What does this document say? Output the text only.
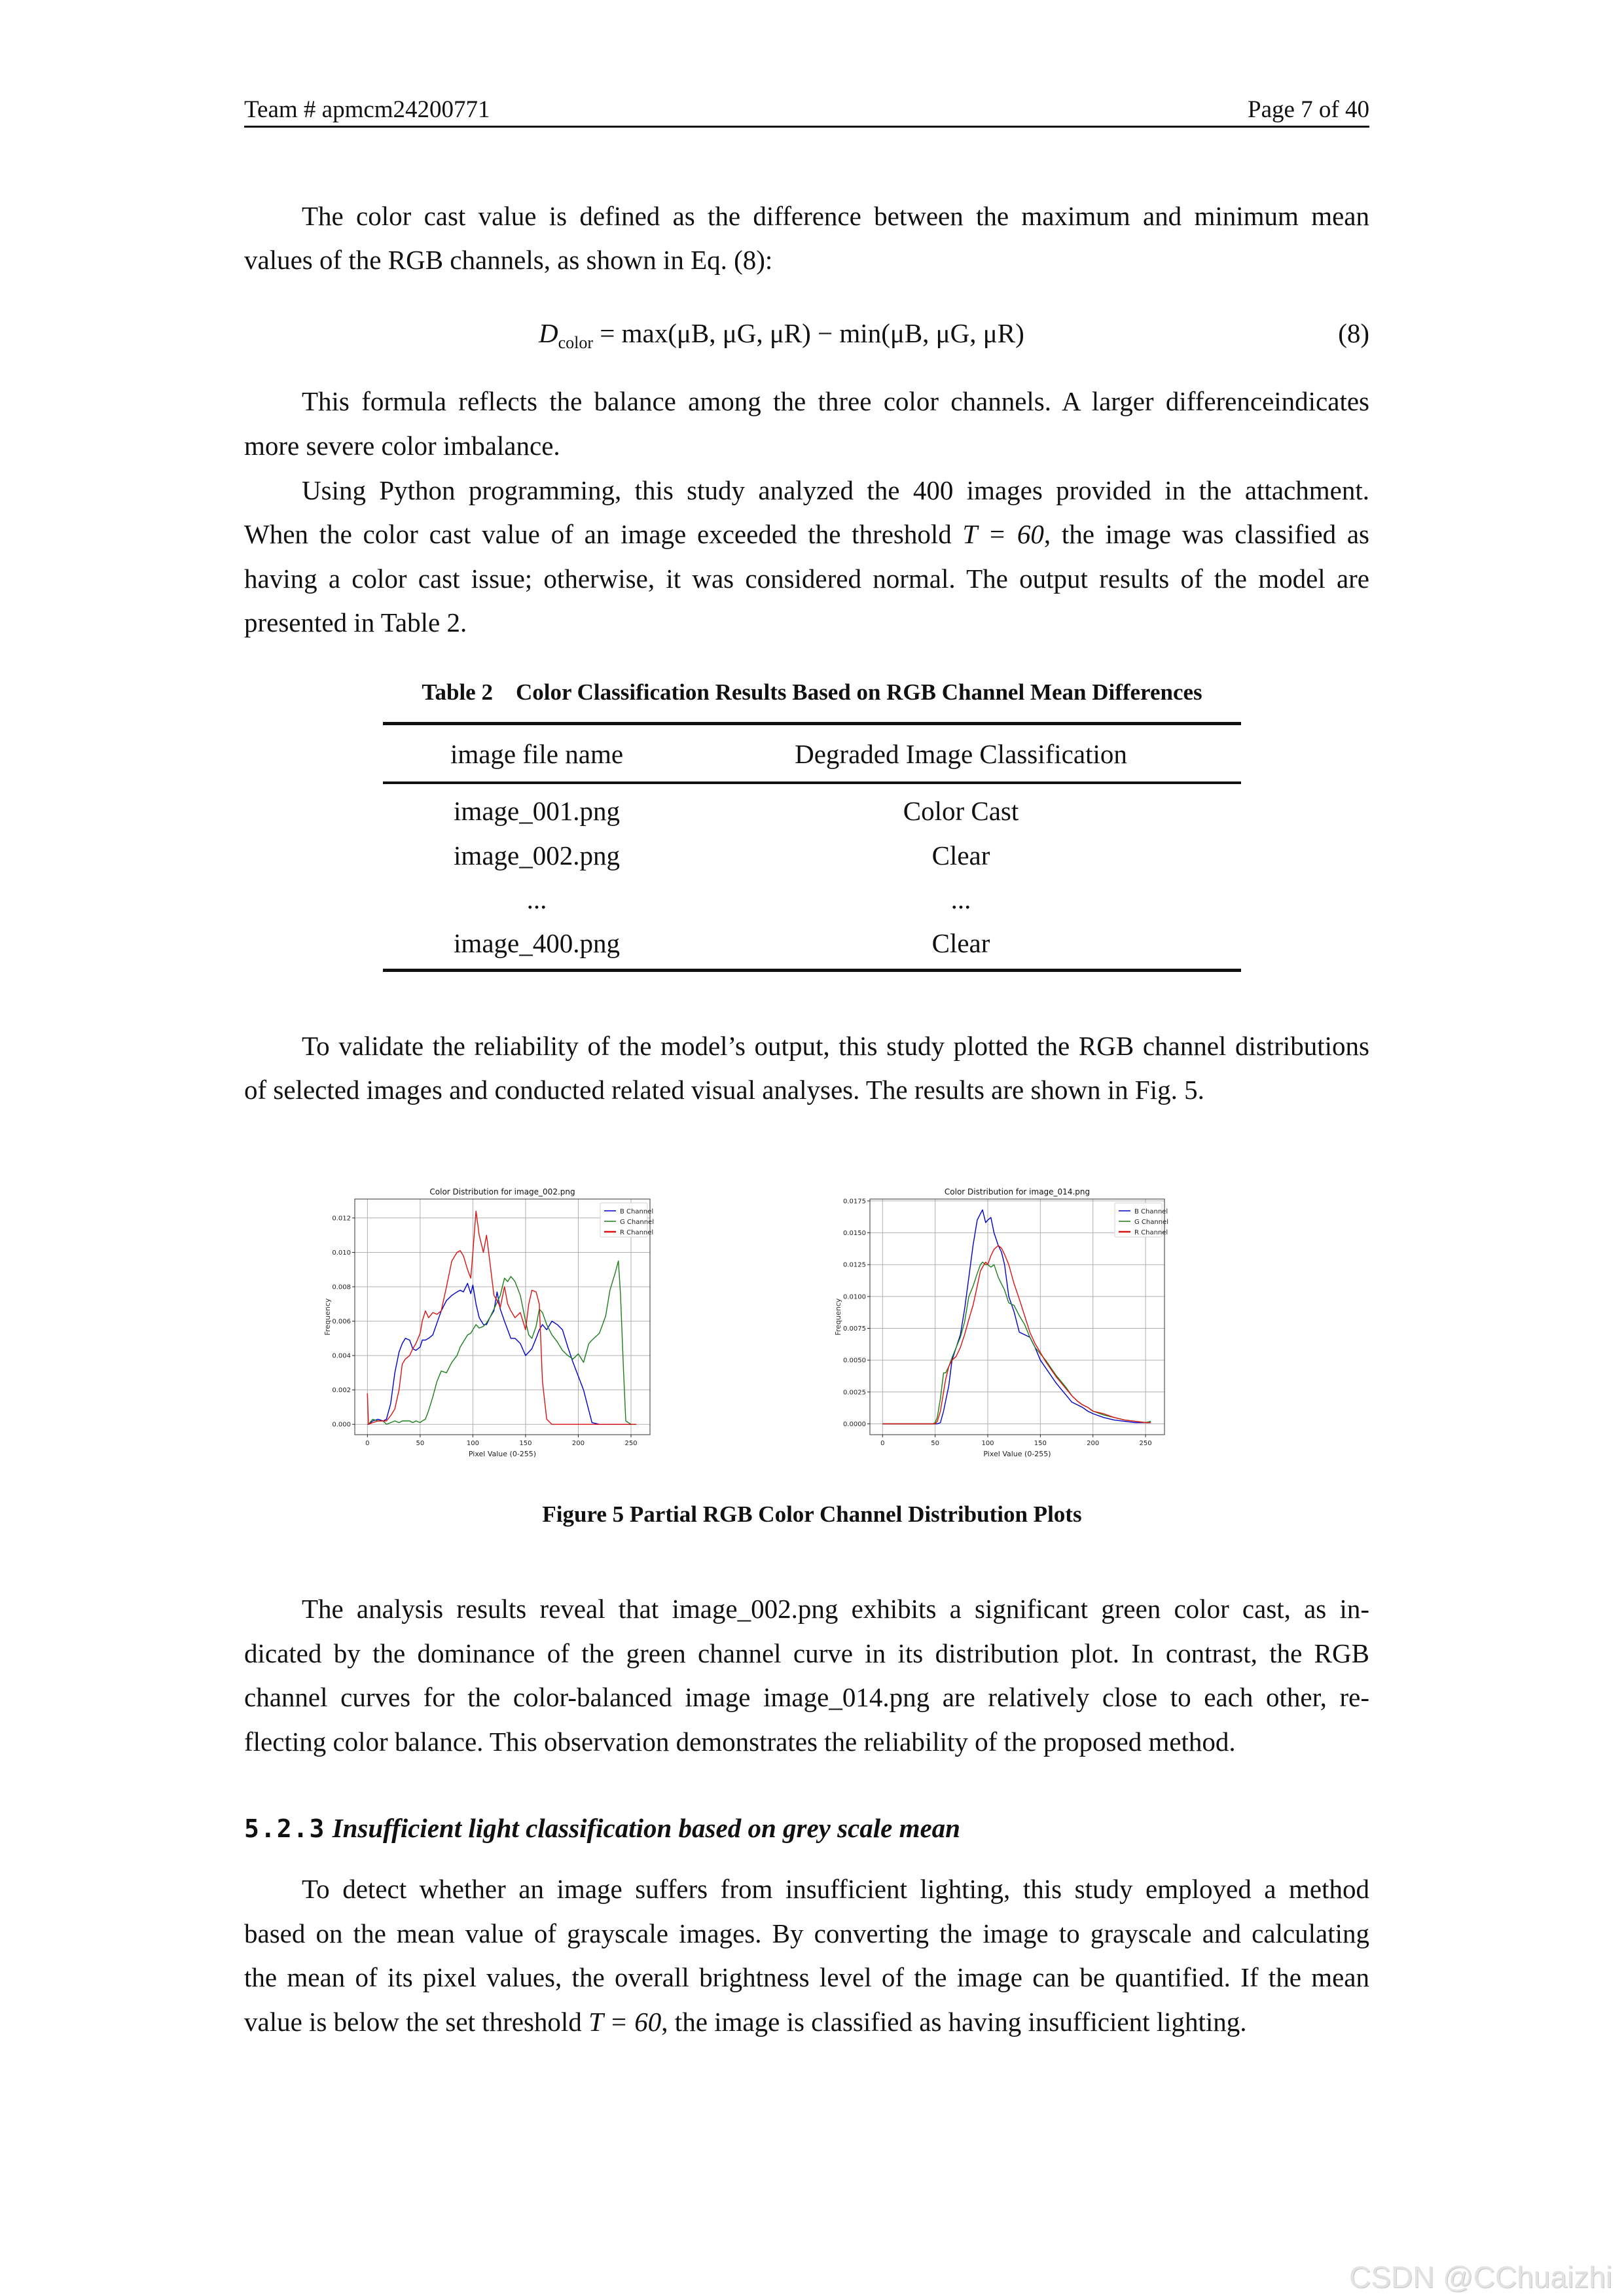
Team # apmcm24200771	Page 7 of 40
The color cast value is defined as the difference between the maximum and minimum mean
values of the RGB channels, as shown in Eq. (8):
$D_{color} = \max(\mu B$, μG, μR) − min(μB, μG, μR)	(8)
This formula reflects the balance among the three color channels. A larger differenceindicates
more severe color imbalance.
Using Python programming, this study analyzed the 400 images provided in the attachment.
When the color cast value of an image exceeded the threshold T = 60, the image was classified as
having a color cast issue; otherwise, it was considered normal. The output results of the model are
presented in Table 2.
Table 2    Color Classification Results Based on RGB Channel Mean Differences
image file name	Degraded Image Classification
image_001.png	Color Cast
image_002.png	Clear
...	...
image_400.png	Clear
To validate the reliability of the model’s output, this study plotted the RGB channel distributions
of selected images and conducted related visual analyses. The results are shown in Fig. 5.
0	50	100	150	200	250
0.000
0.002
0.004
0.006
0.008
0.010
0.012
Color Distribution for image_002.png
Pixel Value (0-255)
Frequency
B Channel
G Channel
R Channel
0	50	100	150	200	250
0.0000
0.0025
0.0050
0.0075
0.0100
0.0125
0.0150
0.0175
Color Distribution for image_014.png
Pixel Value (0-255)
Frequency
B Channel
G Channel
R Channel
Figure 5 Partial RGB Color Channel Distribution Plots
The analysis results reveal that image_002.png exhibits a significant green color cast, as in-
dicated by the dominance of the green channel curve in its distribution plot. In contrast, the RGB
channel curves for the color-balanced image image_014.png are relatively close to each other, re-
flecting color balance. This observation demonstrates the reliability of the proposed method.
5.2.3 Insufficient light classification based on grey scale mean
To detect whether an image suffers from insufficient lighting, this study employed a method
based on the mean value of grayscale images. By converting the image to grayscale and calculating
the mean of its pixel values, the overall brightness level of the image can be quantified. If the mean
value is below the set threshold T = 60, the image is classified as having insufficient lighting.
CSDN @CChuaizhi
